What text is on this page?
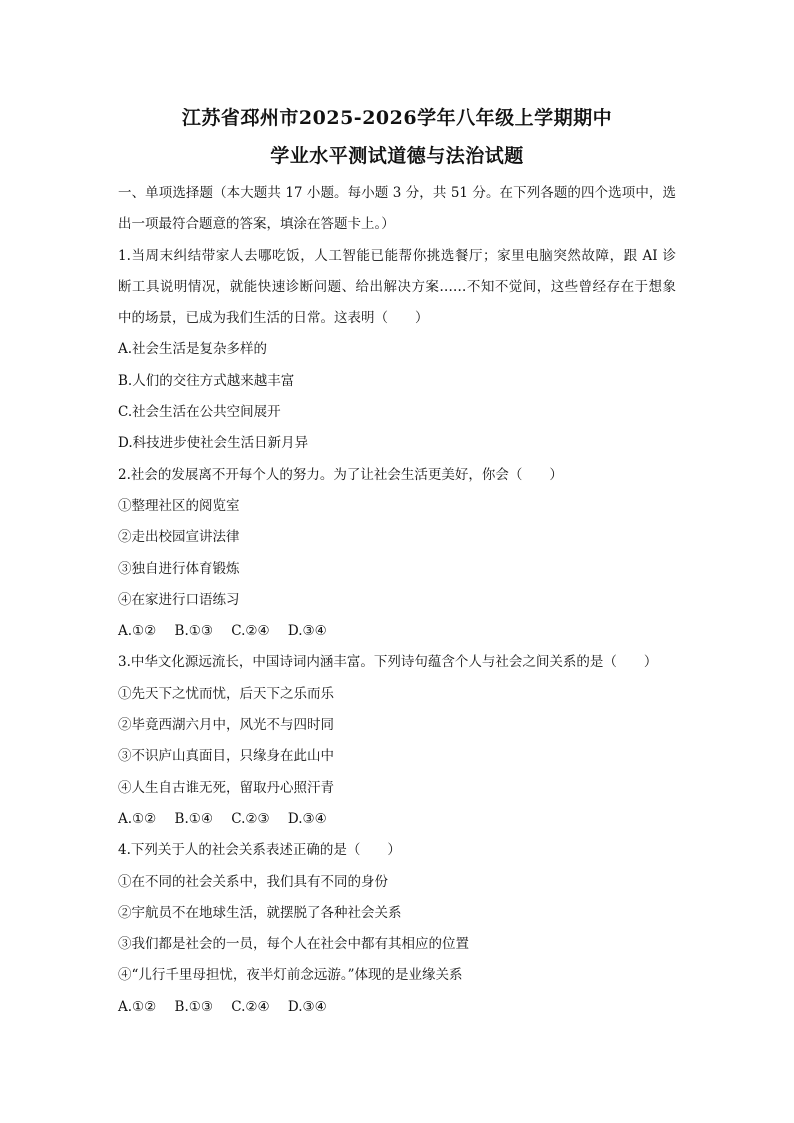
江苏省邳州市2025-2026学年八年级上学期期中
学业水平测试道德与法治试题
一、单项选择题（本大题共 17 小题。每小题 3 分，共 51 分。在下列各题的四个选项中，选
出一项最符合题意的答案，填涂在答题卡上。）
1.当周末纠结带家人去哪吃饭，人工智能已能帮你挑选餐厅；家里电脑突然故障，跟 AI 诊
断工具说明情况，就能快速诊断问题、给出解决方案……不知不觉间，这些曾经存在于想象
中的场景，已成为我们生活的日常。这表明（　　）
A.社会生活是复杂多样的
B.人们的交往方式越来越丰富
C.社会生活在公共空间展开
D.科技进步使社会生活日新月异
2.社会的发展离不开每个人的努力。为了让社会生活更美好，你会（　　）
①整理社区的阅览室
②走出校园宣讲法律
③独自进行体育锻炼
④在家进行口语练习
A.①② B.①③ C.②④ D.③④
3.中华文化源远流长，中国诗词内涵丰富。下列诗句蕴含个人与社会之间关系的是（　　）
①先天下之忧而忧，后天下之乐而乐
②毕竟西湖六月中，风光不与四时同
③不识庐山真面目，只缘身在此山中
④人生自古谁无死，留取丹心照汗青
A.①② B.①④ C.②③ D.③④
4.下列关于人的社会关系表述正确的是（　　）
①在不同的社会关系中，我们具有不同的身份
②宇航员不在地球生活，就摆脱了各种社会关系
③我们都是社会的一员，每个人在社会中都有其相应的位置
④“儿行千里母担忧，夜半灯前念远游。”体现的是业缘关系
A.①② B.①③ C.②④ D.③④
